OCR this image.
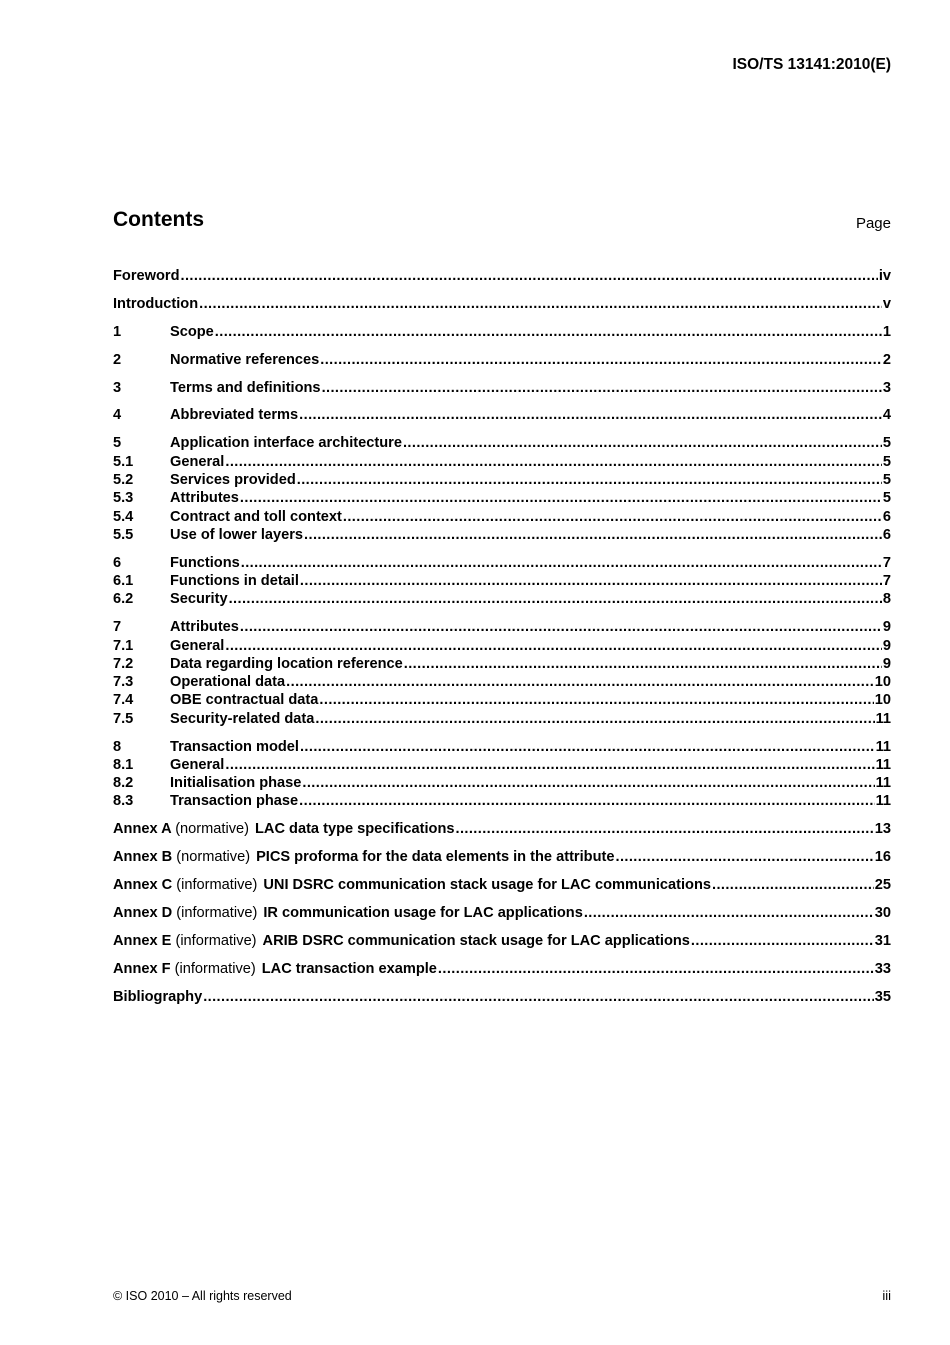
ISO/TS 13141:2010(E)
Contents	Page
Foreword .....	iv
Introduction .....	v
1	Scope .....	1
2	Normative references .....	2
3	Terms and definitions .....	3
4	Abbreviated terms .....	4
5	Application interface architecture .....	5
5.1	General .....	5
5.2	Services provided .....	5
5.3	Attributes .....	5
5.4	Contract and toll context .....	6
5.5	Use of lower layers .....	6
6	Functions .....	7
6.1	Functions in detail .....	7
6.2	Security .....	8
7	Attributes .....	9
7.1	General .....	9
7.2	Data regarding location reference .....	9
7.3	Operational data .....	10
7.4	OBE contractual data .....	10
7.5	Security-related data .....	11
8	Transaction model .....	11
8.1	General .....	11
8.2	Initialisation phase .....	11
8.3	Transaction phase .....	11
Annex A (normative) LAC data type specifications .....	13
Annex B (normative) PICS proforma for the data elements in the attribute .....	16
Annex C (informative) UNI DSRC communication stack usage for LAC communications .....	25
Annex D (informative) IR communication usage for LAC applications .....	30
Annex E (informative) ARIB DSRC communication stack usage for LAC applications .....	31
Annex F (informative) LAC transaction example .....	33
Bibliography .....	35
© ISO 2010 – All rights reserved	iii
